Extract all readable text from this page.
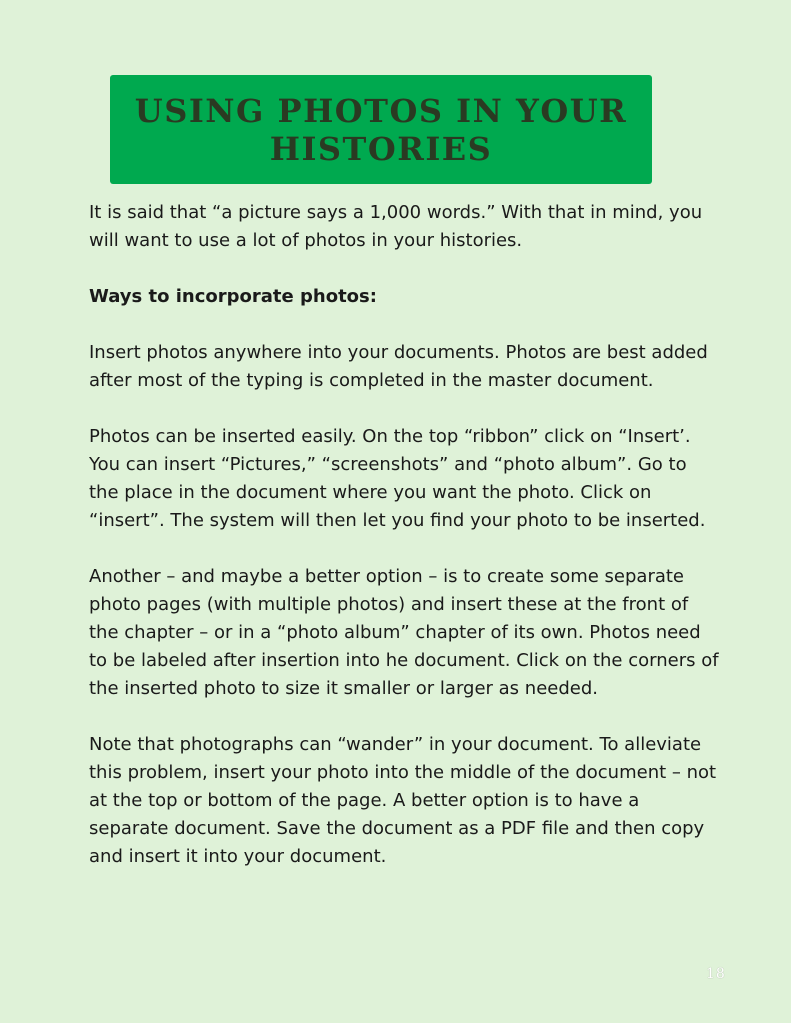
USING PHOTOS IN YOUR HISTORIES

It is said that “a picture says a 1,000 words.” With that in mind, you will want to use a lot of photos in your histories.

Ways to incorporate photos:

Insert photos anywhere into your documents. Photos are best added after most of the typing is completed in the master document.

Photos can be inserted easily. On the top “ribbon” click on “Insert’. You can insert “Pictures,” “screenshots” and “photo album”. Go to the place in the document where you want the photo. Click on “insert”. The system will then let you find your photo to be inserted.

Another – and maybe a better option – is to create some separate photo pages (with multiple photos) and insert these at the front of the chapter – or in a “photo album” chapter of its own. Photos need to be labeled after insertion into he document. Click on the corners of the inserted photo to size it smaller or larger as needed.

Note that photographs can “wander” in your document. To alleviate this problem, insert your photo into the middle of the document – not at the top or bottom of the page. A better option is to have a separate document. Save the document as a PDF file and then copy and insert it into your document.

18
